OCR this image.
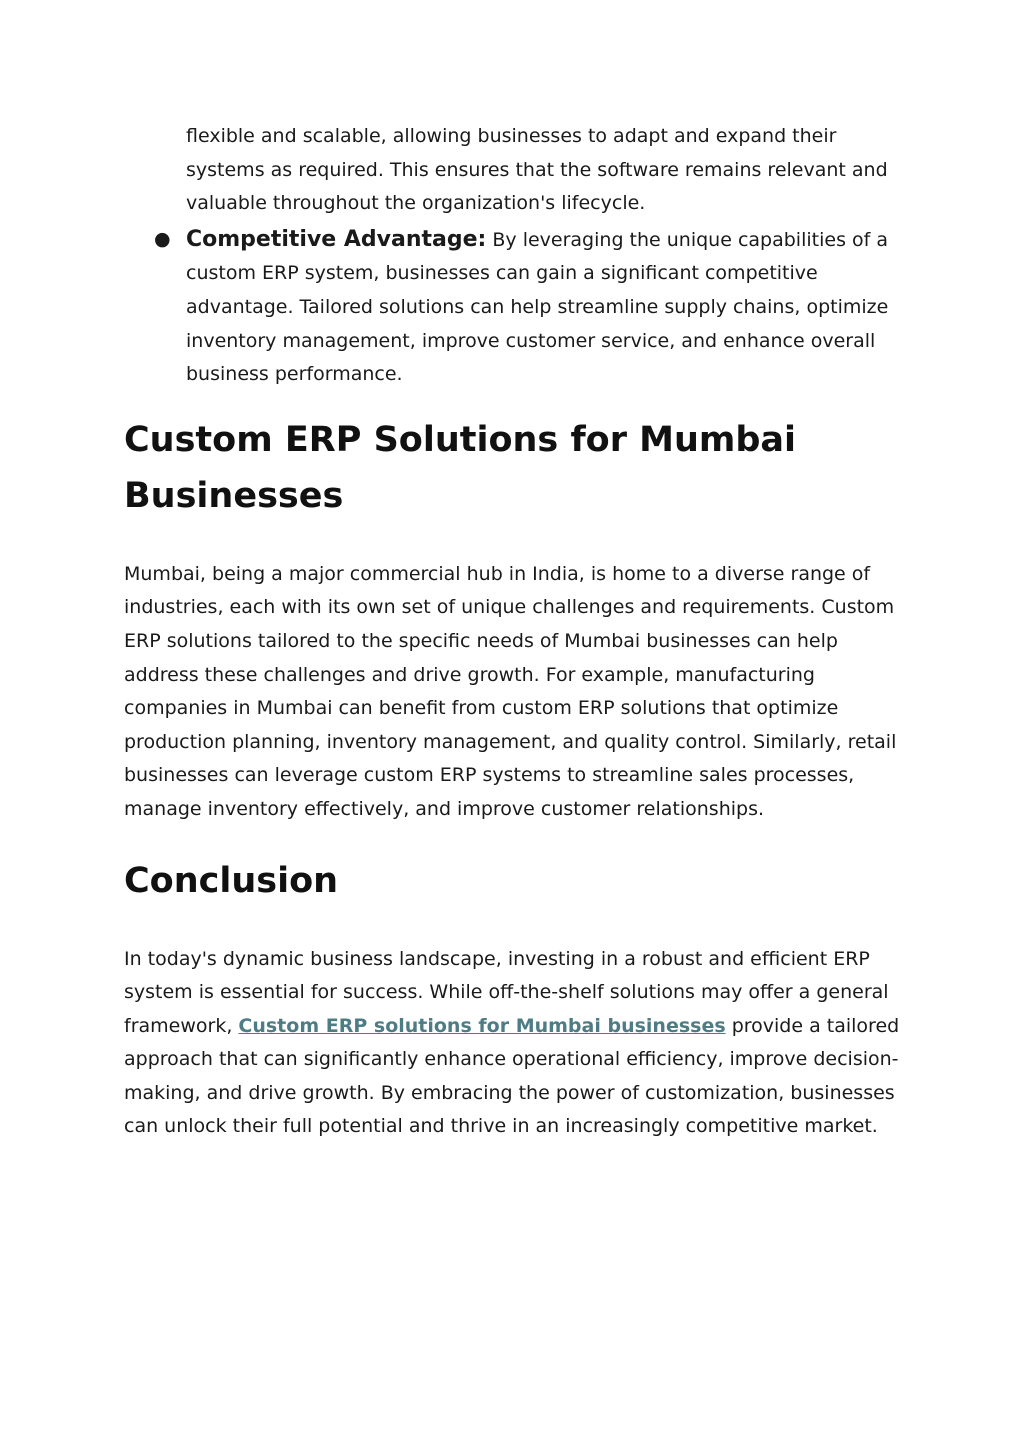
flexible and scalable, allowing businesses to adapt and expand their systems as required. This ensures that the software remains relevant and valuable throughout the organization's lifecycle.
● Competitive Advantage: By leveraging the unique capabilities of a custom ERP system, businesses can gain a significant competitive advantage. Tailored solutions can help streamline supply chains, optimize inventory management, improve customer service, and enhance overall business performance.
Custom ERP Solutions for Mumbai Businesses

Mumbai, being a major commercial hub in India, is home to a diverse range of industries, each with its own set of unique challenges and requirements. Custom ERP solutions tailored to the specific needs of Mumbai businesses can help address these challenges and drive growth. For example, manufacturing companies in Mumbai can benefit from custom ERP solutions that optimize production planning, inventory management, and quality control. Similarly, retail businesses can leverage custom ERP systems to streamline sales processes, manage inventory effectively, and improve customer relationships.

Conclusion

In today's dynamic business landscape, investing in a robust and efficient ERP system is essential for success. While off-the-shelf solutions may offer a general framework, Custom ERP solutions for Mumbai businesses provide a tailored approach that can significantly enhance operational efficiency, improve decision-making, and drive growth. By embracing the power of customization, businesses can unlock their full potential and thrive in an increasingly competitive market.
